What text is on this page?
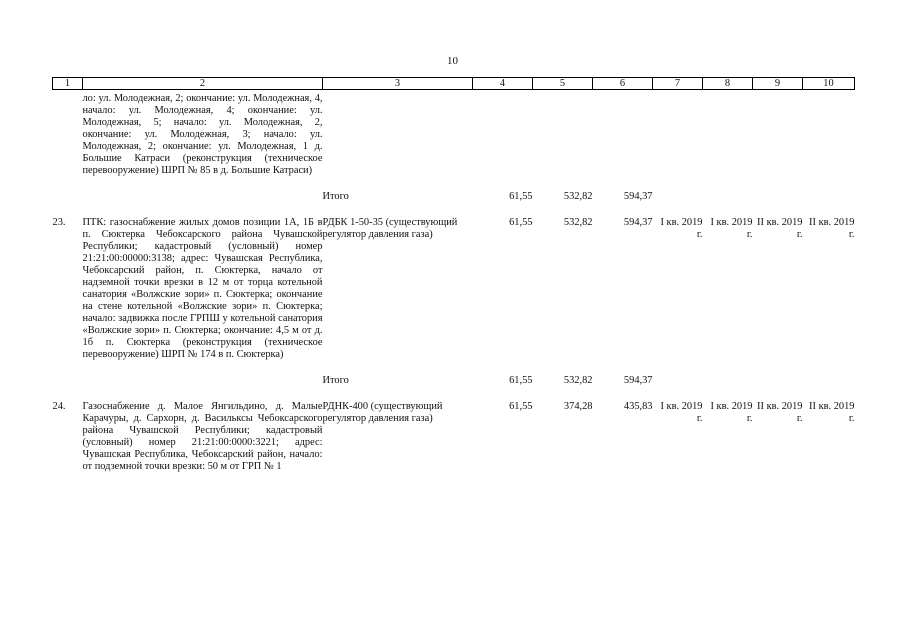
10
1	2	3	4	5	6	7	8	9	10
	ло: ул. Молодежная, 2; окончание: ул. Молодежная, 4, начало: ул. Молодежная, 4; окончание: ул. Молодежная, 5; начало: ул. Молодежная, 2, окончание: ул. Молодежная, 3; начало: ул. Молодежная, 2; окончание: ул. Молодежная, 1 д. Большие Катраси (реконструкция (техническое перевооружение) ШРП № 85 в д. Большие Катраси)								

		Итого	61,55	532,82	594,37				

23.	ПТК: газоснабжение жилых домов позиции 1А, 1Б в п. Сюктерка Чебоксарского района Чувашской Республики; кадастровый (условный) номер 21:21:00:00000:3138; адрес: Чувашская Республика, Чебоксарский район, п. Сюктерка, начало от надземной точки врезки в 12 м от торца котельной санатория «Волжские зори» п. Сюктерка; окончание на стене котельной «Волжские зори» п. Сюктерка; начало: задвижка после ГРПШ у котельной санатория «Волжские зори» п. Сюктерка; окончание: 4,5 м от д. 1б п. Сюктерка (реконструкция (техническое перевооружение) ШРП № 174 в п. Сюктерка)	РДБК 1-50-35 (существующий регулятор давления газа)	61,55	532,82	594,37	I кв. 2019 г.	I кв. 2019 г.	II кв. 2019 г.	II кв. 2019 г.

		Итого	61,55	532,82	594,37				

24.	Газоснабжение д. Малое Янгильдино, д. Малые Карачуры, д. Сархорн, д. Васильксы Чебоксарского района Чувашской Республики; кадастровый (условный) номер 21:21:00:0000:3221; адрес: Чувашская Республика, Чебоксарский район, начало: от подземной точки врезки: 50 м от ГРП № 1	РДНК-400 (существующий регулятор давления газа)	61,55	374,28	435,83	I кв. 2019 г.	I кв. 2019 г.	II кв. 2019 г.	II кв. 2019 г.
